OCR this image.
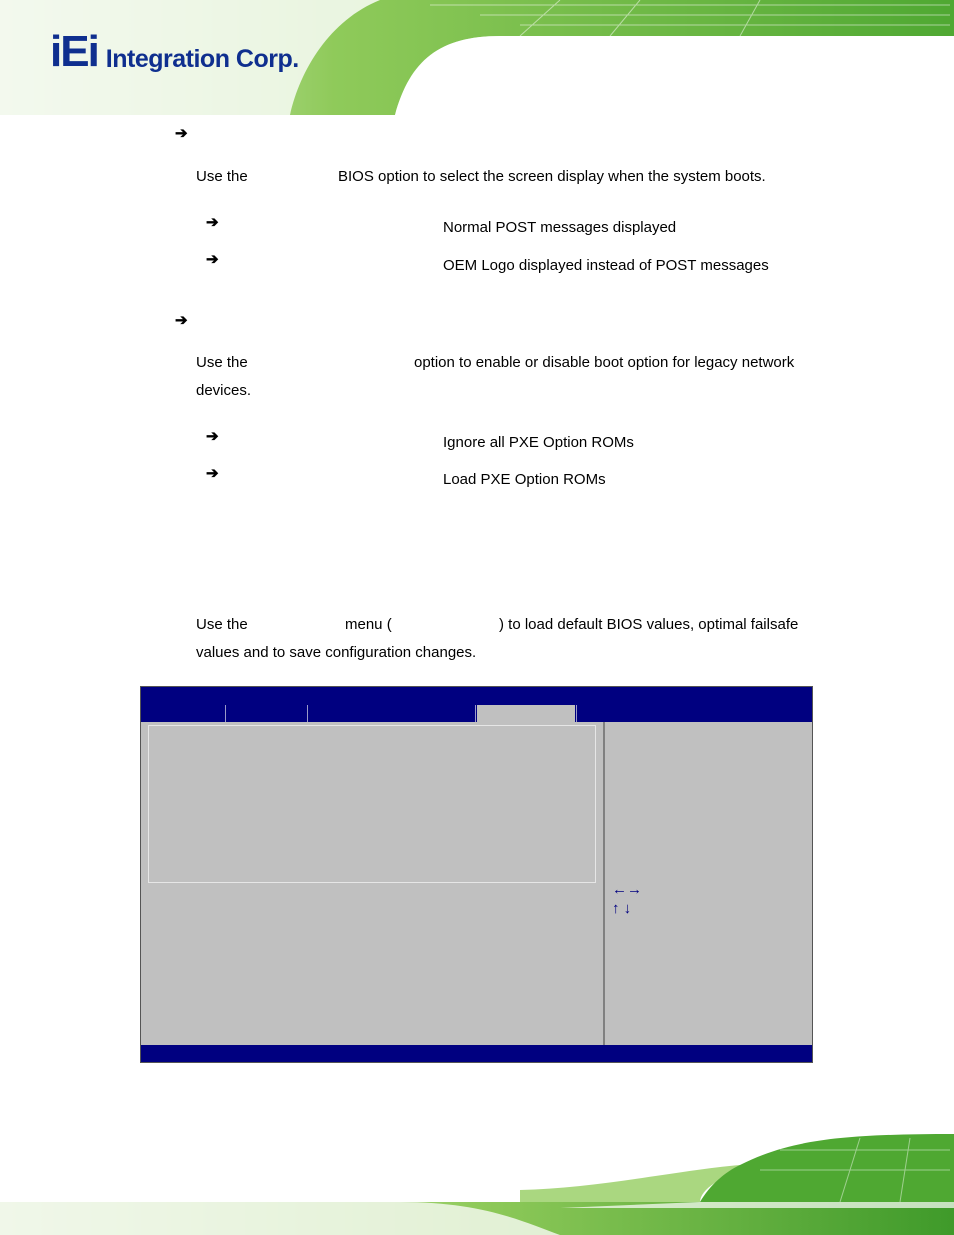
iEi Integration Corp.
➔
Use the	BIOS option to select the screen display when the system boots.
➔	Normal POST messages displayed
➔	OEM Logo displayed instead of POST messages
➔
Use the	option to enable or disable boot option for legacy network
devices.
➔	Ignore all PXE Option ROMs
➔	Load PXE Option ROMs
Use the	menu (	) to load default BIOS values, optimal failsafe
values and to save configuration changes.
←→
↑ ↓
